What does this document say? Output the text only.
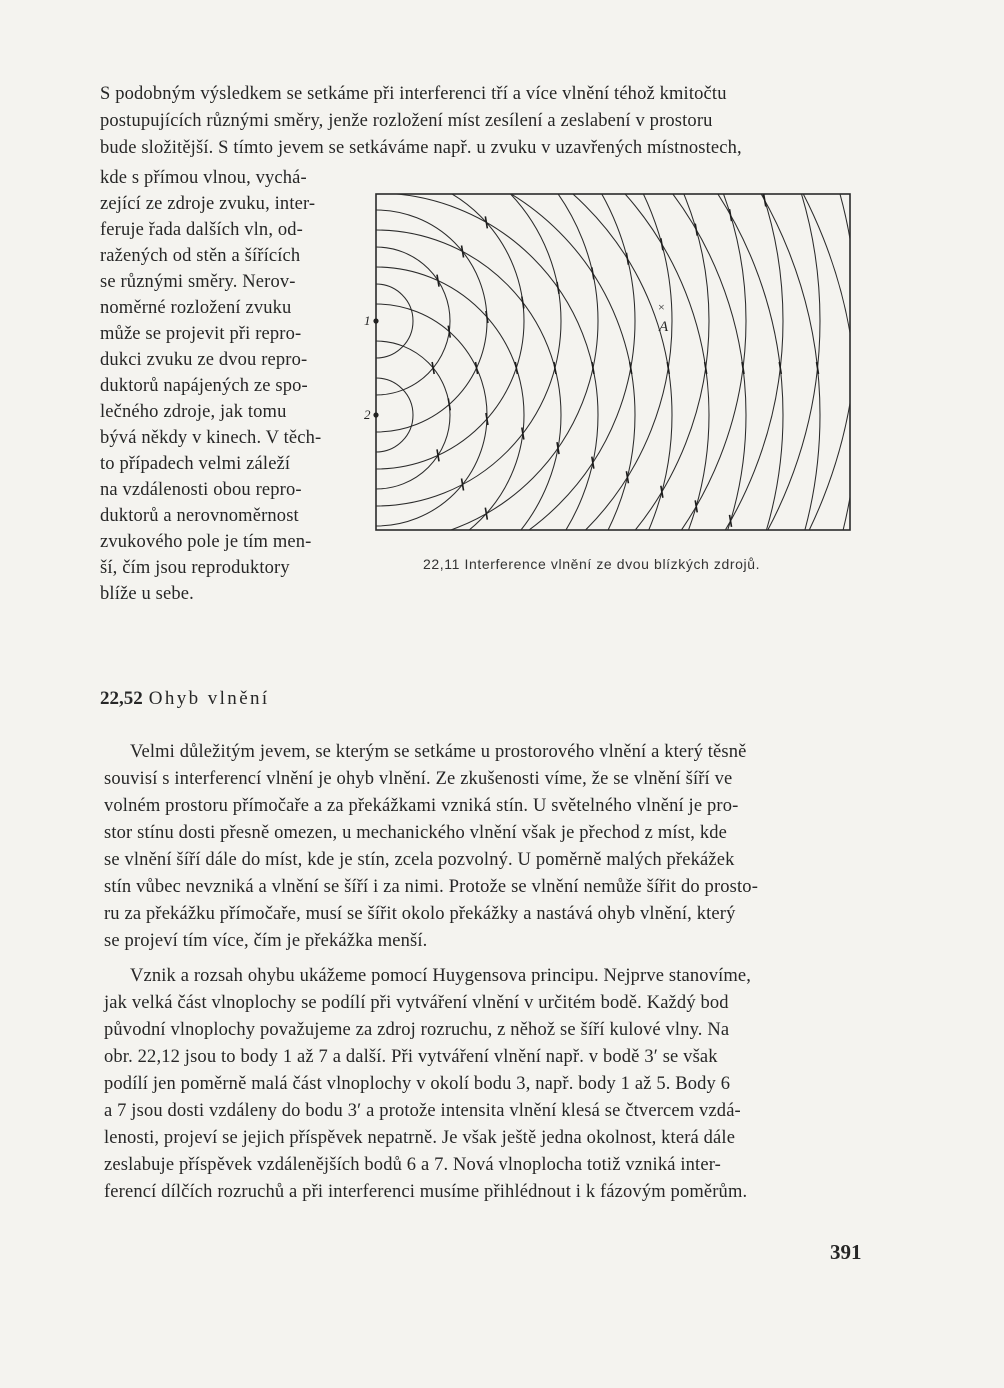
S podobným výsledkem se setkáme při interferenci tří a více vlnění téhož kmitočtu
postupujících různými směry, jenže rozložení míst zesílení a zeslabení v prostoru
bude složitější. S tímto jevem se setkáváme např. u zvuku v uzavřených místnostech,
kde s přímou vlnou, vychá-
zející ze zdroje zvuku, inter-
feruje řada dalších vln, od-
ražených od stěn a šířících
se různými směry. Nerov-
noměrné rozložení zvuku
může se projevit při repro-
dukci zvuku ze dvou repro-
duktorů napájených ze spo-
lečného zdroje, jak tomu
bývá někdy v kinech. V těch-
to případech velmi záleží
na vzdálenosti obou repro-
duktorů a nerovnoměrnost
zvukového pole je tím men-
ší, čím jsou reproduktory
blíže u sebe.
1
2
×
A
22,11 Interference vlnění ze dvou blízkých zdrojů.
22,52 Ohyb vlnění
Velmi důležitým jevem, se kterým se setkáme u prostorového vlnění a který těsně
souvisí s interferencí vlnění je ohyb vlnění. Ze zkušenosti víme, že se vlnění šíří ve
volném prostoru přímočaře a za překážkami vzniká stín. U světelného vlnění je pro-
stor stínu dosti přesně omezen, u mechanického vlnění však je přechod z míst, kde
se vlnění šíří dále do míst, kde je stín, zcela pozvolný. U poměrně malých překážek
stín vůbec nevzniká a vlnění se šíří i za nimi. Protože se vlnění nemůže šířit do prosto-
ru za překážku přímočaře, musí se šířit okolo překážky a nastává ohyb vlnění, který
se projeví tím více, čím je překážka menší.
Vznik a rozsah ohybu ukážeme pomocí Huygensova principu. Nejprve stanovíme,
jak velká část vlnoplochy se podílí při vytváření vlnění v určitém bodě. Každý bod
původní vlnoplochy považujeme za zdroj rozruchu, z něhož se šíří kulové vlny. Na
obr. 22,12 jsou to body 1 až 7 a další. Při vytváření vlnění např. v bodě 3′ se však
podílí jen poměrně malá část vlnoplochy v okolí bodu 3, např. body 1 až 5. Body 6
a 7 jsou dosti vzdáleny do bodu 3′ a protože intensita vlnění klesá se čtvercem vzdá-
lenosti, projeví se jejich příspěvek nepatrně. Je však ještě jedna okolnost, která dále
zeslabuje příspěvek vzdálenějších bodů 6 a 7. Nová vlnoplocha totiž vzniká inter-
ferencí dílčích rozruchů a při interferenci musíme přihlédnout i k fázovým poměrům.
391
